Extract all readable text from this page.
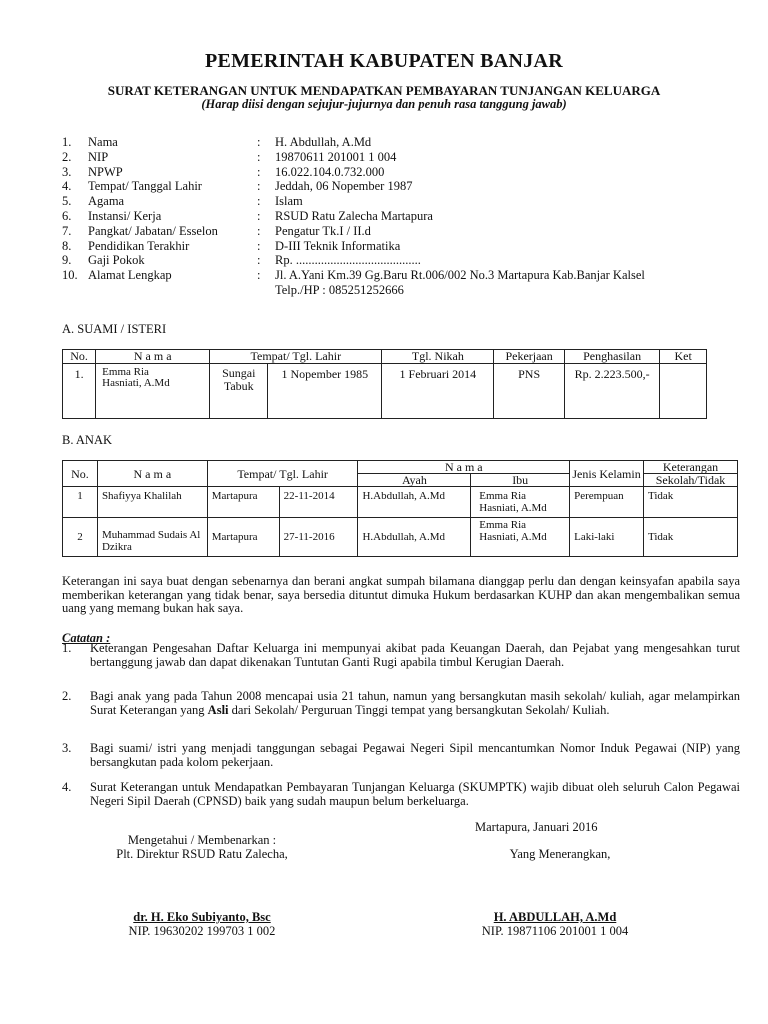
PEMERINTAH KABUPATEN BANJAR
SURAT KETERANGAN UNTUK MENDAPATKAN PEMBAYARAN TUNJANGAN KELUARGA
(Harap diisi dengan sejujur-jujurnya dan penuh rasa tanggung jawab)
1.	Nama	:	H. Abdullah, A.Md
2.	NIP	:	19870611 201001 1 004
3.	NPWP	:	16.022.104.0.732.000
4.	Tempat/ Tanggal Lahir	:	Jeddah, 06 Nopember 1987
5.	Agama	:	Islam
6.	Instansi/ Kerja	:	RSUD Ratu Zalecha Martapura
7.	Pangkat/ Jabatan/ Esselon	:	Pengatur Tk.I / II.d
8.	Pendidikan Terakhir	:	D-III Teknik Informatika
9.	Gaji Pokok	:	Rp. ........................................
10. Alamat Lengkap	:	Jl. A.Yani Km.39 Gg.Baru Rt.006/002 No.3 Martapura Kab.Banjar Kalsel
Telp./HP : 085251252666
A. SUAMI / ISTERI
No.	N a m a	Tempat/ Tgl. Lahir		Tgl. Nikah	Pekerjaan	Penghasilan	Ket
1.	Emma Ria Hasniati, A.Md	Sungai Tabuk	1 Nopember 1985	1 Februari 2014	PNS	Rp. 2.223.500,-	
B. ANAK
No.	N a m a	Tempat/ Tgl. Lahir		N a m a		Jenis Kelamin	Keterangan
				Ayah	Ibu		Sekolah/Tidak
1	Shafiyya Khalilah	Martapura	22-11-2014	H.Abdullah, A.Md	Emma Ria Hasniati, A.Md	Perempuan	Tidak
2	Muhammad Sudais Al Dzikra	Martapura	27-11-2016	H.Abdullah, A.Md	Emma Ria Hasniati, A.Md	Laki-laki	Tidak
Keterangan ini saya buat dengan sebenarnya dan berani angkat sumpah bilamana dianggap perlu dan dengan keinsyafan apabila saya memberikan keterangan yang tidak benar, saya bersedia dituntut dimuka Hukum berdasarkan KUHP dan akan mengembalikan semua uang yang memang bukan hak saya.
Catatan :
1.	Keterangan Pengesahan Daftar Keluarga ini mempunyai akibat pada Keuangan Daerah, dan Pejabat yang mengesahkan turut bertanggung jawab dan dapat dikenakan Tuntutan Ganti Rugi apabila timbul Kerugian Daerah.
2.	Bagi anak yang pada Tahun 2008 mencapai usia 21 tahun, namun yang bersangkutan masih sekolah/ kuliah, agar melampirkan Surat Keterangan yang Asli dari Sekolah/ Perguruan Tinggi tempat yang bersangkutan Sekolah/ Kuliah.
3.	Bagi suami/ istri yang menjadi tanggungan sebagai Pegawai Negeri Sipil mencantumkan Nomor Induk Pegawai (NIP) yang bersangkutan pada kolom pekerjaan.
4.	Surat Keterangan untuk Mendapatkan Pembayaran Tunjangan Keluarga (SKUMPTK) wajib dibuat oleh seluruh Calon Pegawai Negeri Sipil Daerah (CPNSD) baik yang sudah maupun belum berkeluarga.
Martapura, Januari 2016
Mengetahui / Membenarkan :
Plt. Direktur RSUD Ratu Zalecha,	Yang Menerangkan,
dr. H. Eko Subiyanto, Bsc
NIP. 19630202 199703 1 002
H. ABDULLAH, A.Md
NIP. 19871106 201001 1 004
